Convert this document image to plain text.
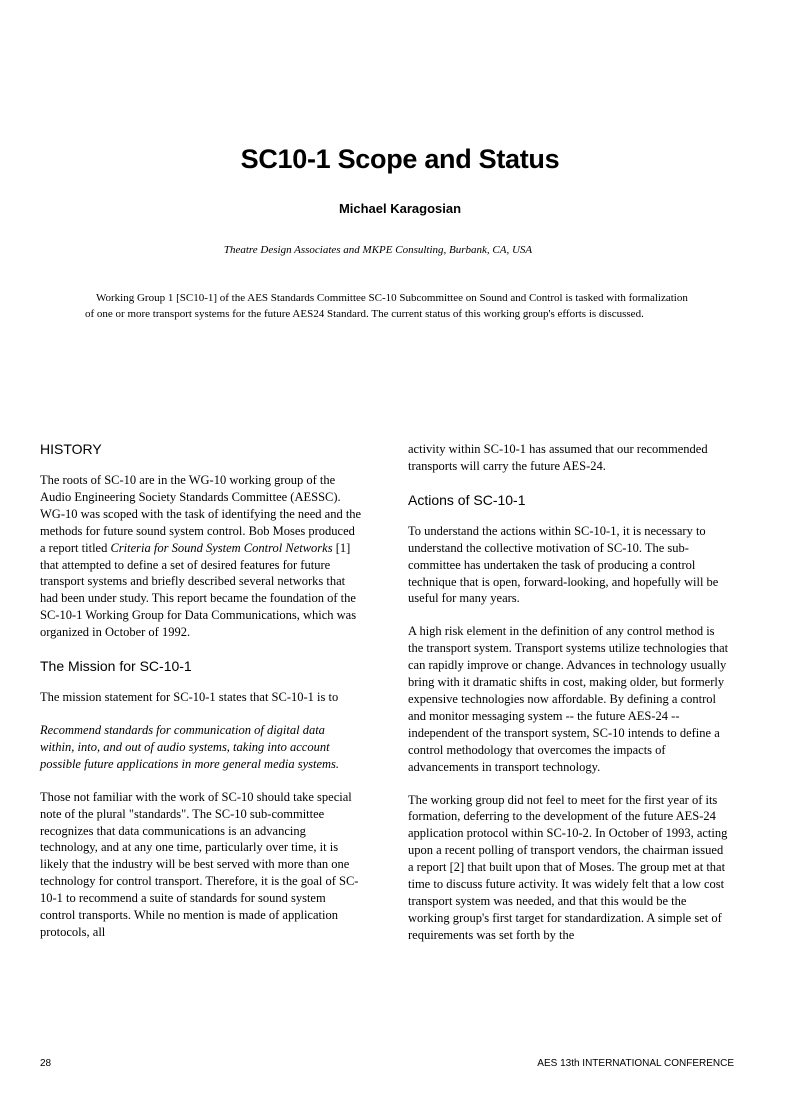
SC10-1 Scope and Status
Michael Karagosian
Theatre Design Associates and MKPE Consulting, Burbank, CA, USA

Working Group 1 [SC10-1] of the AES Standards Committee SC-10 Subcommittee on Sound and Control is tasked with formalization of one or more transport systems for the future AES24 Standard. The current status of this working group's efforts is discussed.

HISTORY

The roots of SC-10 are in the WG-10 working group of the Audio Engineering Society Standards Committee (AESSC). WG-10 was scoped with the task of identifying the need and the methods for future sound system control. Bob Moses produced a report titled Criteria for Sound System Control Networks [1] that attempted to define a set of desired features for future transport systems and briefly described several networks that had been under study. This report became the foundation of the SC-10-1 Working Group for Data Communications, which was organized in October of 1992.

The Mission for SC-10-1

The mission statement for SC-10-1 states that SC-10-1 is to

Recommend standards for communication of digital data within, into, and out of audio systems, taking into account possible future applications in more general media systems.

Those not familiar with the work of SC-10 should take special note of the plural "standards". The SC-10 sub-committee recognizes that data communications is an advancing technology, and at any one time, particularly over time, it is likely that the industry will be best served with more than one technology for control transport. Therefore, it is the goal of SC-10-1 to recommend a suite of standards for sound system control transports. While no mention is made of application protocols, all

activity within SC-10-1 has assumed that our recommended transports will carry the future AES-24.

Actions of SC-10-1

To understand the actions within SC-10-1, it is necessary to understand the collective motivation of SC-10. The sub-committee has undertaken the task of producing a control technique that is open, forward-looking, and hopefully will be useful for many years.

A high risk element in the definition of any control method is the transport system. Transport systems utilize technologies that can rapidly improve or change. Advances in technology usually bring with it dramatic shifts in cost, making older, but formerly expensive technologies now affordable. By defining a control and monitor messaging system -- the future AES-24 -- independent of the transport system, SC-10 intends to define a control methodology that overcomes the impacts of advancements in transport technology.

The working group did not feel to meet for the first year of its formation, deferring to the development of the future AES-24 application protocol within SC-10-2. In October of 1993, acting upon a recent polling of transport vendors, the chairman issued a report [2] that built upon that of Moses. The group met at that time to discuss future activity. It was widely felt that a low cost transport system was needed, and that this would be the working group's first target for standardization. A simple set of requirements was set forth by the

28	AES 13th INTERNATIONAL CONFERENCE
